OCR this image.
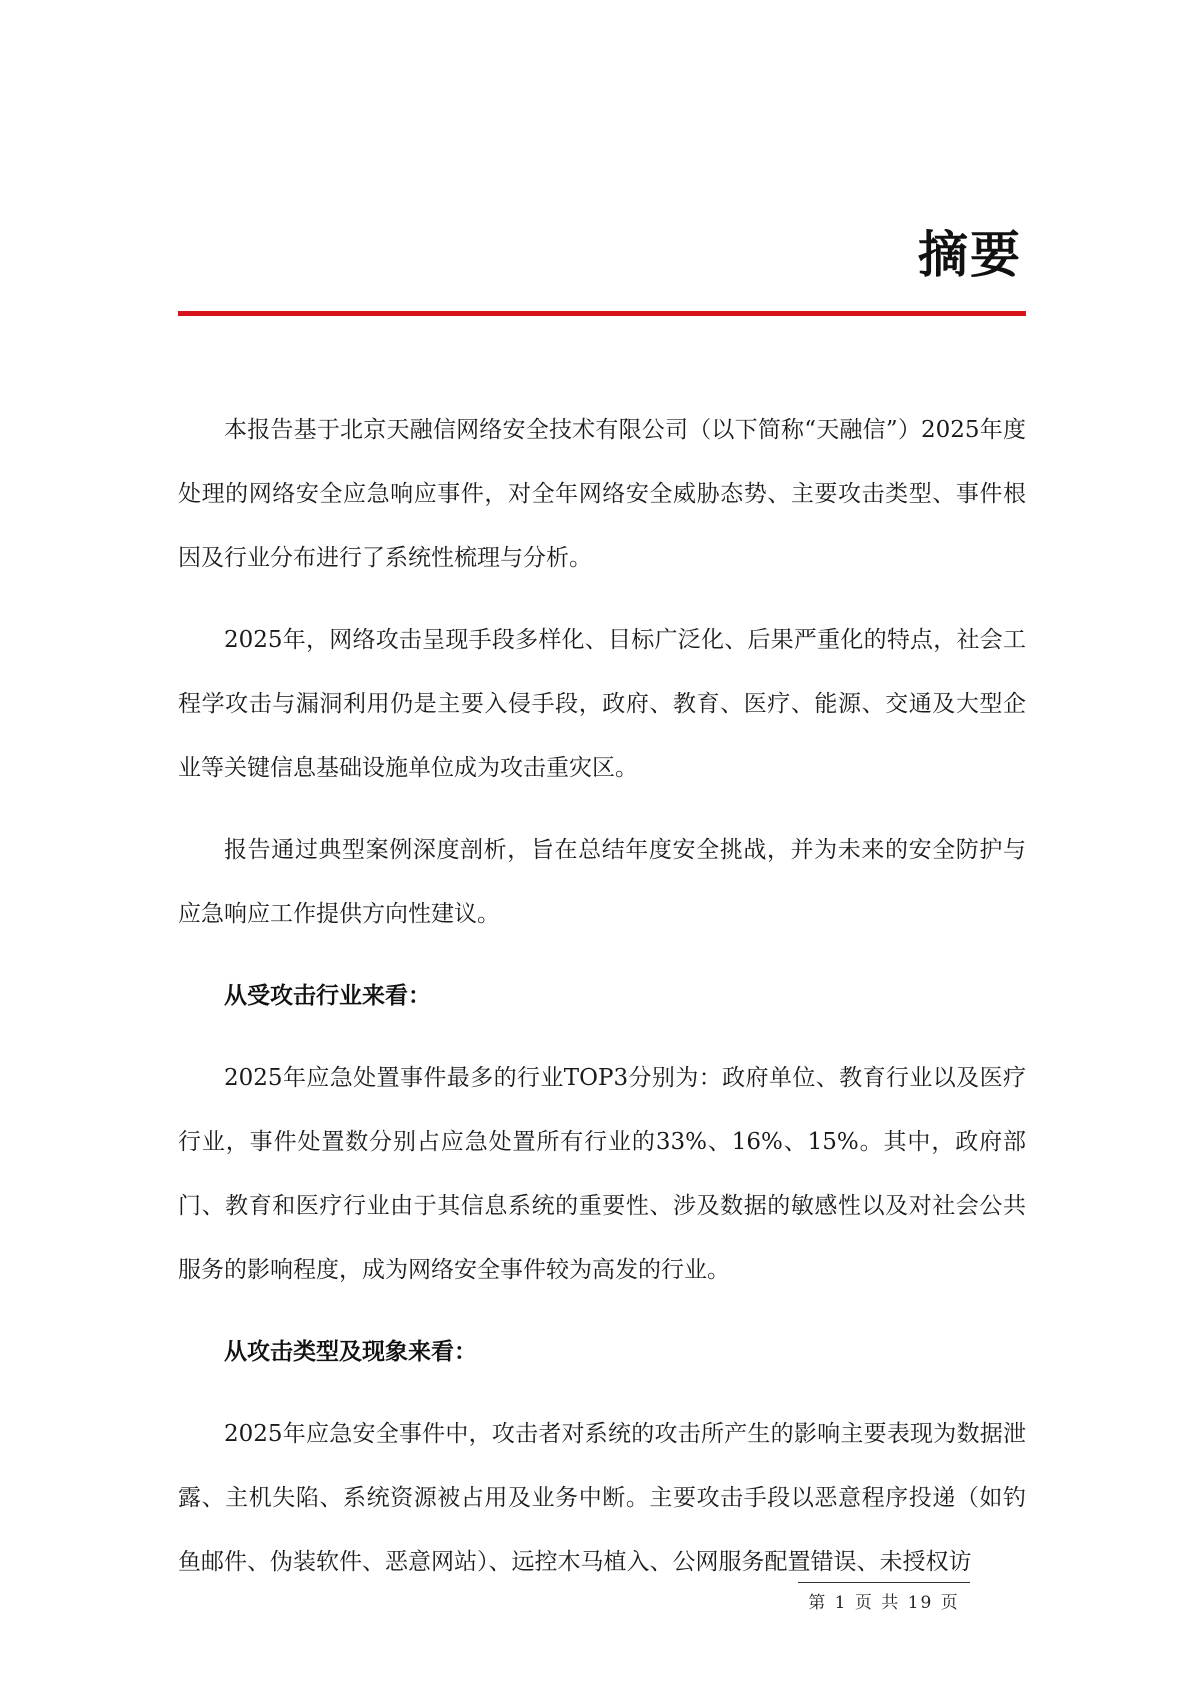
摘要

本报告基于北京天融信网络安全技术有限公司（以下简称“天融信”）2025年度处理的网络安全应急响应事件，对全年网络安全威胁态势、主要攻击类型、事件根因及行业分布进行了系统性梳理与分析。

2025年，网络攻击呈现手段多样化、目标广泛化、后果严重化的特点，社会工程学攻击与漏洞利用仍是主要入侵手段，政府、教育、医疗、能源、交通及大型企业等关键信息基础设施单位成为攻击重灾区。

报告通过典型案例深度剖析，旨在总结年度安全挑战，并为未来的安全防护与应急响应工作提供方向性建议。

从受攻击行业来看：

2025年应急处置事件最多的行业TOP3分别为：政府单位、教育行业以及医疗行业，事件处置数分别占应急处置所有行业的33%、16%、15%。其中，政府部门、教育和医疗行业由于其信息系统的重要性、涉及数据的敏感性以及对社会公共服务的影响程度，成为网络安全事件较为高发的行业。

从攻击类型及现象来看：

2025年应急安全事件中，攻击者对系统的攻击所产生的影响主要表现为数据泄露、主机失陷、系统资源被占用及业务中断。主要攻击手段以恶意程序投递（如钓鱼邮件、伪装软件、恶意网站）、远控木马植入、公网服务配置错误、未授权访

第 1 页 共 19 页
